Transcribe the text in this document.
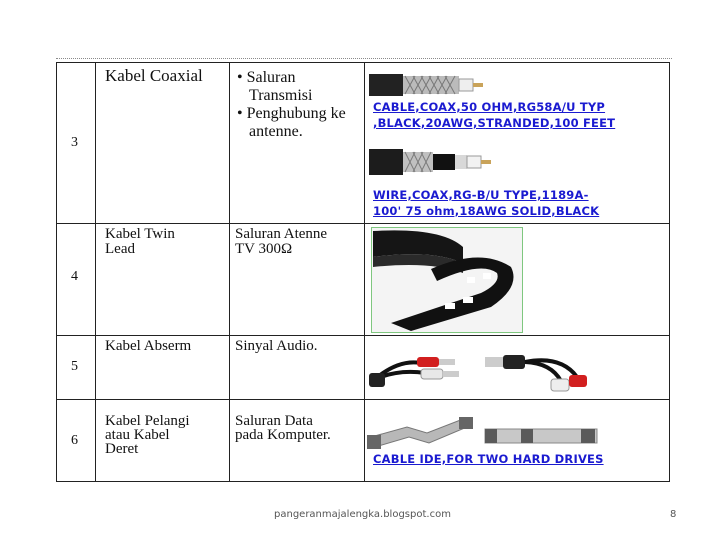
3
Kabel Coaxial • Saluran Transmisi
• Penghubung ke antenne.
CABLE,COAX,50 OHM,RG58A/U TYP
,BLACK,20AWG,STRANDED,100 FEET
WIRE,COAX,RG-B/U TYPE,1189A-
100' 75 ohm,18AWG SOLID,BLACK
4
Kabel Twin
Lead
Saluran Atenne
TV 300Ω
5
Kabel Abserm	Sinyal Audio.
6
Kabel Pelangi
atau Kabel
Deret
Saluran Data
pada Komputer.
CABLE IDE,FOR TWO HARD DRIVES
pangeranmajalengka.blogspot.com	8
